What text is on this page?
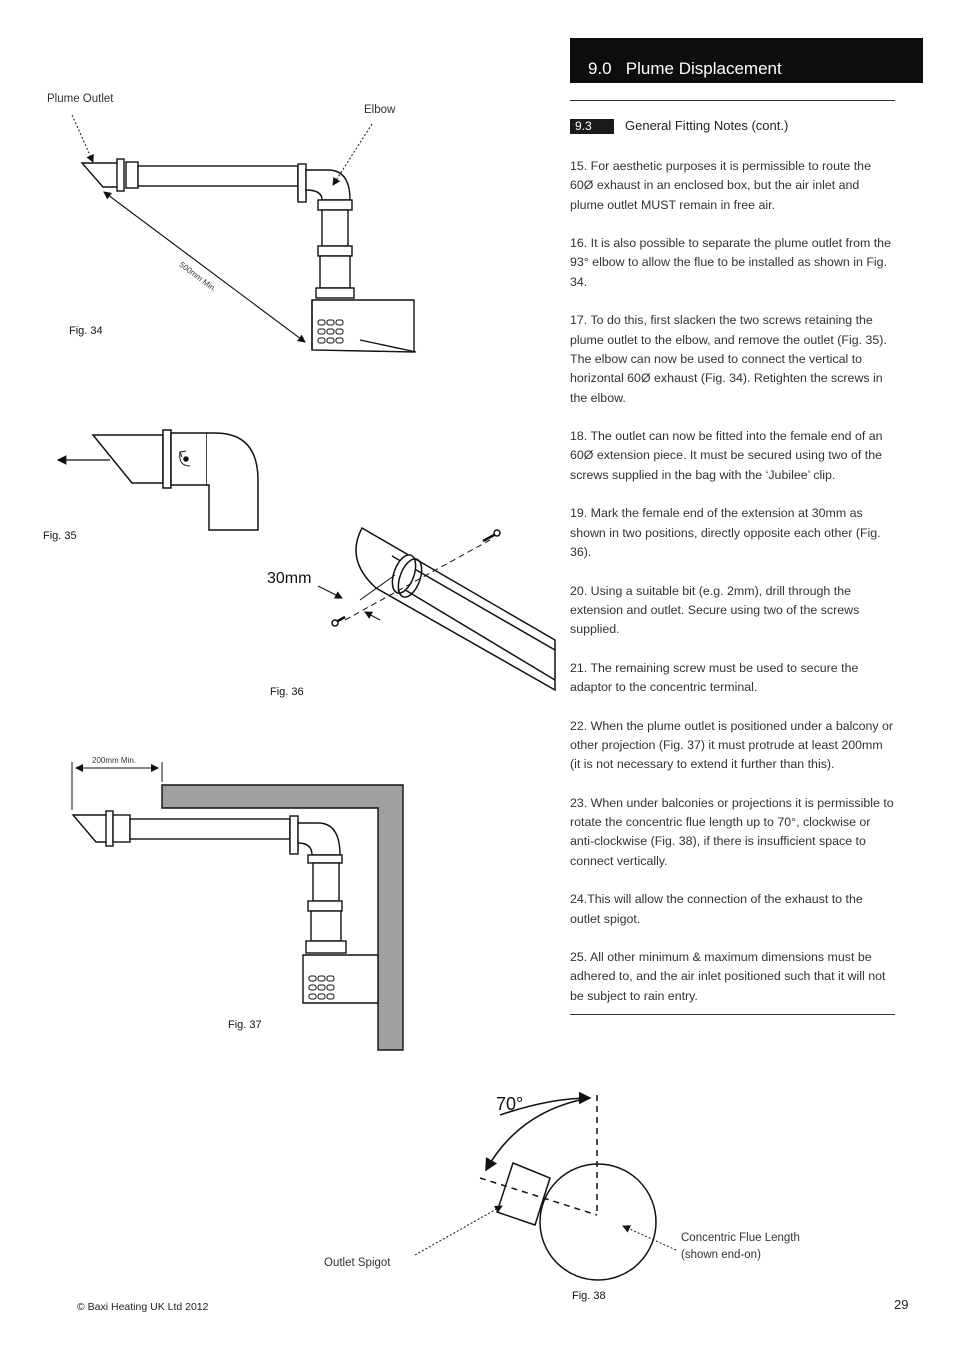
9.0   Plume Displacement
9.3	General Fitting Notes (cont.)

15. For aesthetic purposes it is permissible to route the 60Ø exhaust in an enclosed box, but the air inlet and plume outlet MUST remain in free air.

16. It is also possible to separate the plume outlet from the 93° elbow to allow the flue to be installed as shown in Fig. 34.

17. To do this, first slacken the two screws retaining the plume outlet to the elbow, and remove the outlet (Fig. 35). The elbow can now be used to connect the vertical to horizontal 60Ø exhaust (Fig. 34). Retighten the screws in the elbow.

18. The outlet can now be fitted into the female end of an 60Ø extension piece. It must be secured using two of the screws supplied in the bag with the ‘Jubilee’ clip.

19. Mark the female end of the extension at 30mm as shown in two positions, directly opposite each other (Fig. 36).

20. Using a suitable bit (e.g. 2mm), drill through the extension and outlet. Secure using two of the screws supplied.

21. The remaining screw must be used to secure the adaptor to the concentric terminal.

22. When the plume outlet is positioned under a balcony or other projection (Fig. 37) it must protrude at least 200mm (it is not necessary to extend it further than this).

23. When under balconies or projections it is permissible to rotate the concentric flue length up to 70°, clockwise or anti-clockwise (Fig. 38), if there is insufficient space to connect vertically.

24.This will allow the connection of the exhaust to the outlet spigot.

25. All other minimum & maximum dimensions must be adhered to, and the air inlet positioned such that it will not be subject to rain entry.

Plume Outlet
Elbow
500mm Min.
Fig. 34
Fig. 35
30mm
Fig. 36
200mm Min.
Fig. 37
70°
Outlet Spigot
Concentric Flue Length
(shown end-on)
Fig. 38
© Baxi Heating UK Ltd 2012	29
